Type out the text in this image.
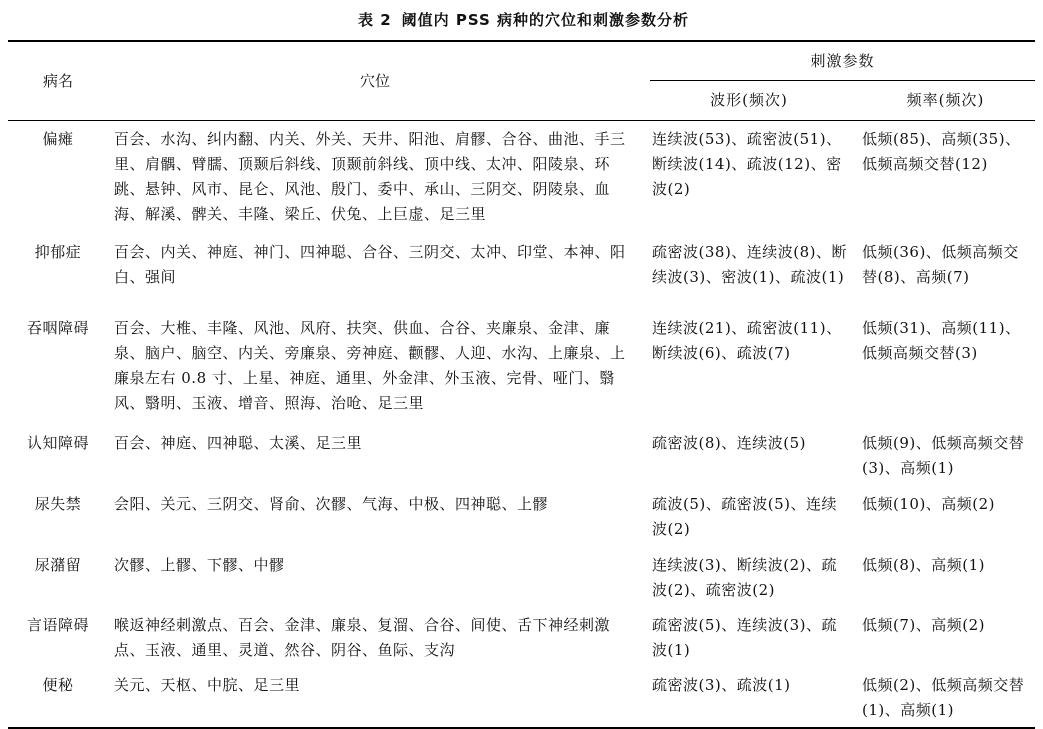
表 2 阈值内 PSS 病种的穴位和刺激参数分析
病名	穴位	刺激参数	
		波形(频次)	频率(频次)
偏瘫	百会、水沟、纠内翻、内关、外关、天井、阳池、肩髎、合谷、曲池、手三里、肩髃、臂臑、顶颞后斜线、顶颞前斜线、顶中线、太冲、阳陵泉、环跳、悬钟、风市、昆仑、风池、殷门、委中、承山、三阴交、阴陵泉、血海、解溪、髀关、丰隆、梁丘、伏兔、上巨虚、足三里	连续波(53)、疏密波(51)、断续波(14)、疏波(12)、密波(2)	低频(85)、高频(35)、低频高频交替(12)
抑郁症	百会、内关、神庭、神门、四神聪、合谷、三阴交、太冲、印堂、本神、阳白、强间	疏密波(38)、连续波(8)、断续波(3)、密波(1)、疏波(1)	低频(36)、低频高频交替(8)、高频(7)
吞咽障碍	百会、大椎、丰隆、风池、风府、扶突、供血、合谷、夹廉泉、金津、廉泉、脑户、脑空、内关、旁廉泉、旁神庭、颧髎、人迎、水沟、上廉泉、上廉泉左右 0.8 寸、上星、神庭、通里、外金津、外玉液、完骨、哑门、翳风、翳明、玉液、增音、照海、治呛、足三里	连续波(21)、疏密波(11)、断续波(6)、疏波(7)	低频(31)、高频(11)、低频高频交替(3)
认知障碍	百会、神庭、四神聪、太溪、足三里	疏密波(8)、连续波(5)	低频(9)、低频高频交替(3)、高频(1)
尿失禁	会阳、关元、三阴交、肾俞、次髎、气海、中极、四神聪、上髎	疏波(5)、疏密波(5)、连续波(2)	低频(10)、高频(2)
尿潴留	次髎、上髎、下髎、中髎	连续波(3)、断续波(2)、疏波(2)、疏密波(2)	低频(8)、高频(1)
言语障碍	喉返神经刺激点、百会、金津、廉泉、复溜、合谷、间使、舌下神经刺激点、玉液、通里、灵道、然谷、阴谷、鱼际、支沟	疏密波(5)、连续波(3)、疏波(1)	低频(7)、高频(2)
便秘	关元、天枢、中脘、足三里	疏密波(3)、疏波(1)	低频(2)、低频高频交替(1)、高频(1)
